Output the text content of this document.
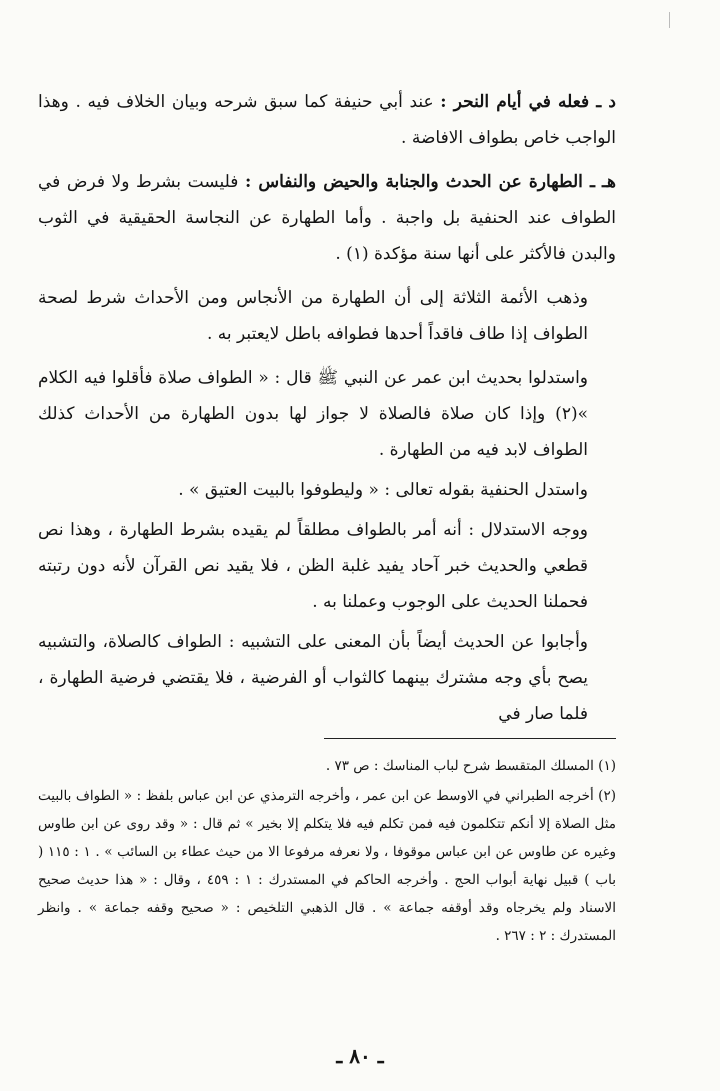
د ـ فعله في أيام النحر : عند أبي حنيفة كما سبق شرحه وبيان الخلاف فيه . وهذا الواجب خاص بطواف الافاضة .

هـ ـ الطهارة عن الحدث والجنابة والحيض والنفاس : فليست بشرط ولا فرض في الطواف عند الحنفية بل واجبة . وأما الطهارة عن النجاسة الحقيقية في الثوب والبدن فالأكثر على أنها سنة مؤكدة (١) .

وذهب الأئمة الثلاثة إلى أن الطهارة من الأنجاس ومن الأحداث شرط لصحة الطواف إذا طاف فاقداً أحدها فطوافه باطل لايعتبر به .

واستدلوا بحديث ابن عمر عن النبي ﷺ قال : « الطواف صلاة فأقلوا فيه الكلام »(٢) وإذا كان صلاة فالصلاة لا جواز لها بدون الطهارة من الأحداث كذلك الطواف لابد فيه من الطهارة .

واستدل الحنفية بقوله تعالى : « وليطوفوا بالبيت العتيق » .

ووجه الاستدلال : أنه أمر بالطواف مطلقاً لم يقيده بشرط الطهارة ، وهذا نص قطعي والحديث خبر آحاد يفيد غلبة الظن ، فلا يقيد نص القرآن لأنه دون رتبته فحملنا الحديث على الوجوب وعملنا به .

وأجابوا عن الحديث أيضاً بأن المعنى على التشبيه : الطواف كالصلاة، والتشبيه يصح بأي وجه مشترك بينهما كالثواب أو الفرضية ، فلا يقتضي فرضية الطهارة ، فلما صار في

(١) المسلك المتقسط شرح لباب المناسك : ص ٧٣ .

(٢) أخرجه الطبراني في الاوسط عن ابن عمر ، وأخرجه الترمذي عن ابن عباس بلفظ : « الطواف بالبيت مثل الصلاة إلا أنكم تتكلمون فيه فمن تكلم فيه فلا يتكلم إلا بخير » ثم قال : « وقد روى عن ابن طاوس وغيره عن طاوس عن ابن عباس موقوفا ، ولا نعرفه مرفوعا الا من حيث عطاء بن السائب » . ١ : ١١٥ ( باب ) قبيل نهاية أبواب الحج . وأخرجه الحاكم في المستدرك : ١ : ٤٥٩ ، وقال : « هذا حديث صحيح الاسناد ولم يخرجاه وقد أوقفه جماعة » . قال الذهبي التلخيص : « صحيح وقفه جماعة » . وانظر المستدرك : ٢ : ٢٦٧ .

ـ ٨٠ ـ
